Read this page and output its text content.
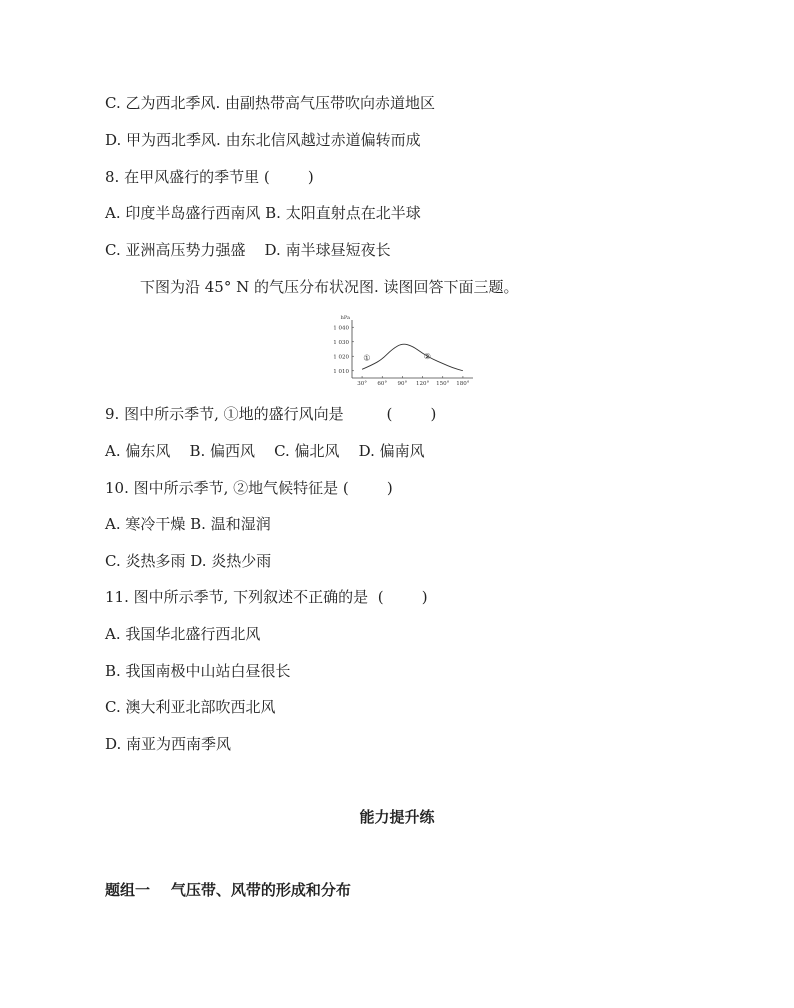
C. 乙为西北季风. 由副热带高气压带吹向赤道地区
D. 甲为西北季风. 由东北信风越过赤道偏转而成
8. 在甲风盛行的季节里 (        )
A. 印度半岛盛行西南风 B. 太阳直射点在北半球
C. 亚洲高压势力强盛    D. 南半球昼短夜长
下图为沿 45° N 的气压分布状况图. 读图回答下面三题。
hPa
1 040
1 030
1 020
1 010
30° 60° 90° 120° 150° 180°
①	②
9. 图中所示季节, ①地的盛行风向是         (        )
A. 偏东风    B. 偏西风    C. 偏北风    D. 偏南风
10. 图中所示季节, ②地气候特征是 (        )
A. 寒冷干燥 B. 温和湿润
C. 炎热多雨 D. 炎热少雨
11. 图中所示季节, 下列叙述不正确的是  (        )
A. 我国华北盛行西北风
B. 我国南极中山站白昼很长
C. 澳大利亚北部吹西北风
D. 南亚为西南季风
能力提升练
题组一    气压带、风带的形成和分布
